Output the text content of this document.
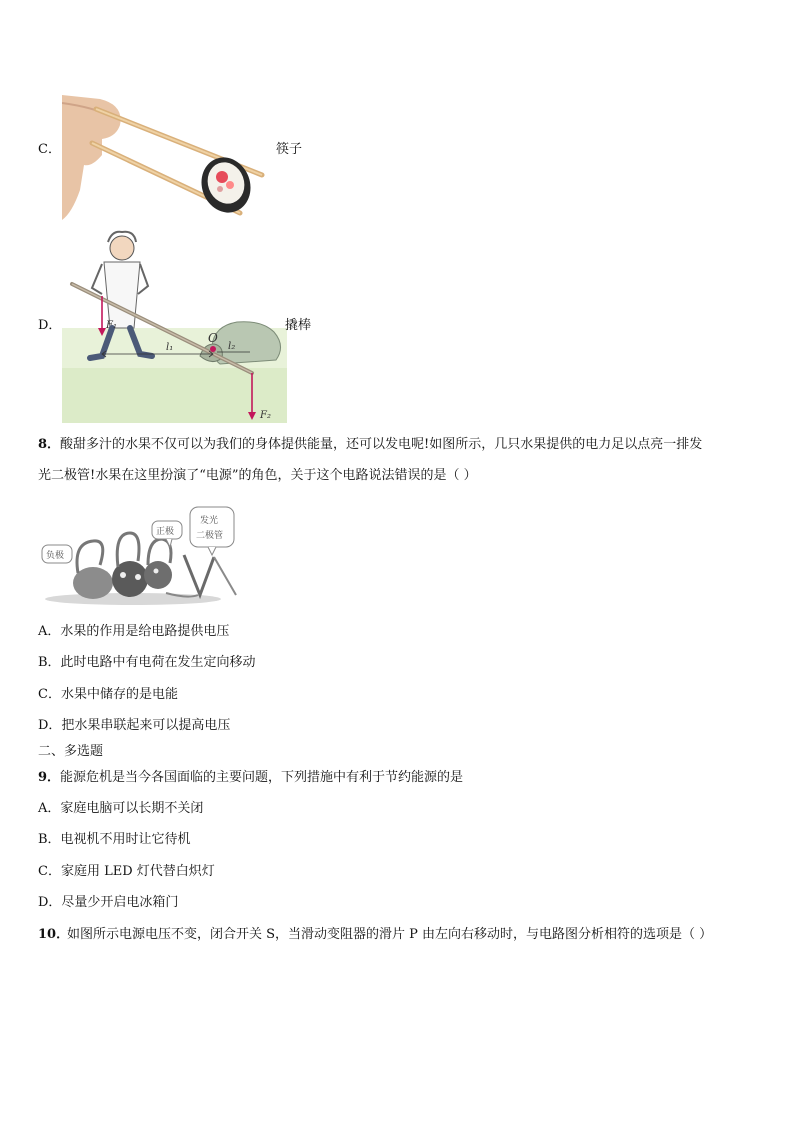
C．	筷子
D．	F₁
O
l₁	l₂
F₂
撬棒
8． 酸甜多汁的水果不仅可以为我们的身体提供能量，还可以发电呢!如图所示，几只水果提供的电力足以点亮一排发
光二极管!水果在这里扮演了“电源”的角色，关于这个电路说法错误的是（ ）
负极
正极
发光
二极管
A．水果的作用是给电路提供电压
B．此时电路中有电荷在发生定向移动
C．水果中储存的是电能
D．把水果串联起来可以提高电压
二、多选题
9． 能源危机是当今各国面临的主要问题，下列措施中有利于节约能源的是
A．家庭电脑可以长期不关闭
B．电视机不用时让它待机
C．家庭用 LED 灯代替白炽灯
D．尽量少开启电冰箱门
10．
如图所示电源电压不变，闭合开关 S，当滑动变阻器的滑片 P 由左向右移动时，与电路图分析相符的选项是（ ）
